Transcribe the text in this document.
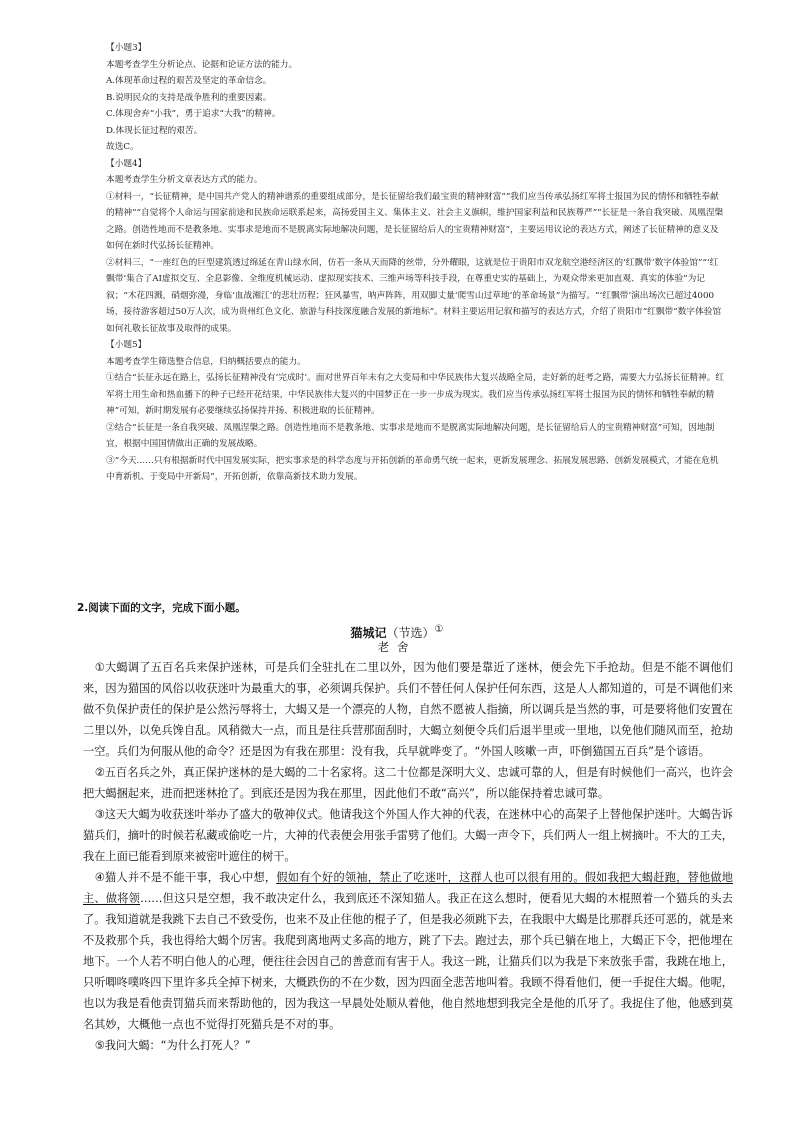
【小题3】

本题考查学生分析论点、论据和论证方法的能力。

A.体现革命过程的艰苦及坚定的革命信念。

B.说明民众的支持是战争胜利的重要因素。

C.体现舍弃“小我”，勇于追求“大我”的精神。

D.体现长征过程的艰苦。

故选C。

【小题4】

本题考查学生分析文章表达方式的能力。

①材料一，“长征精神，是中国共产党人的精神谱系的重要组成部分，是长征留给我们最宝贵的精神财富”“我们应当传承弘扬红军将士报国为民的情怀和牺牲奉献的精神”“自觉将个人命运与国家前途和民族命运联系起来，高扬爱国主义、集体主义、社会主义旗帜，维护国家利益和民族尊严”“长征是一条自我突破、凤凰涅槃之路。创造性地而不是教条地、实事求是地而不是脱离实际地解决问题，是长征留给后人的宝贵精神财富”，主要运用议论的表达方式，阐述了长征精神的意义及如何在新时代弘扬长征精神。

②材料三，“一座红色的巨型建筑透过绵延在青山绿水间，仿若一条从天而降的丝带，分外耀眼，这就是位于贵阳市双龙航空港经济区的‘红飘带’数字体验馆”“‘红飘带’集合了AI虚拟交互、全息影像、全维度机械运动、虚拟现实技术、三维声场等科技手段，在尊重史实的基础上，为观众带来更加直观、真实的体验”为记叙；“木花四溅，硝烟弥漫，身临‘血战湘江’的悲壮历程；狂风暴雪，呐声阵阵，用双脚丈量‘爬雪山过草地’的革命场景”为描写。“‘红飘带’演出场次已超过4000场，接待游客超过50万人次，成为贵州红色文化、旅游与科技深度融合发展的新地标”。材料主要运用记叙和描写的表达方式，介绍了贵阳市“红飘带”数字体验馆如何礼敬长征故事及取得的成果。

【小题5】

本题考查学生筛选整合信息，归纳概括要点的能力。

①结合“长征永远在路上，弘扬长征精神没有‘完成时’。面对世界百年未有之大变局和中华民族伟大复兴战略全局，走好新的赶考之路，需要大力弘扬长征精神。红军将士用生命和热血播下的种子已经开花结果，中华民族伟大复兴的中国梦正在一步一步成为现实。我们应当传承弘扬红军将士报国为民的情怀和牺牲奉献的精神”可知，新时期发展有必要继续弘扬保持并扬、积极进取的长征精神。

②结合“长征是一条自我突破、凤凰涅槃之路。创造性地而不是教条地、实事求是地而不是脱离实际地解决问题，是长征留给后人的宝贵精神财富”可知，因地制宜，根据中国国情做出正确的发展战略。

③“今天……只有根据新时代中国发展实际，把实事求是的科学态度与开拓创新的革命勇气统一起来，更新发展理念、拓展发展思路、创新发展模式，才能在危机中育新机、于变局中开新局”，开拓创新，依靠高新技术助力发展。

2.阅读下面的文字，完成下面小题。
猫城记（节选）①
老舍

①大蝎调了五百名兵来保护迷林，可是兵们全驻扎在二里以外，因为他们要是靠近了迷林，便会先下手抢劫。但是不能不调他们来，因为猫国的风俗以收获迷叶为最重大的事，必须调兵保护。兵们不替任何人保护任何东西，这是人人都知道的，可是不调他们来做不负保护责任的保护是公然污辱将士，大蝎又是一个漂亮的人物，自然不愿被人指摘，所以调兵是当然的事，可是要将他们安置在二里以外，以免兵馋自乱。风稍微大一点，而且是往兵营那面刮时，大蝎立刻便令兵们后退半里或一里地，以免他们随风而至，抢劫一空。兵们为何服从他的命令？还是因为有我在那里：没有我，兵早就哗变了。“外国人咳嗽一声，吓倒猫国五百兵”是个谚语。

②五百名兵之外，真正保护迷林的是大蝎的二十名家将。这二十位都是深明大义、忠诚可靠的人，但是有时候他们一高兴，也许会把大蝎捆起来，进而把迷林抢了。到底还是因为我在那里，因此他们不敢“高兴”，所以能保持着忠诚可靠。

③这天大蝎为收获迷叶举办了盛大的敬神仪式。他请我这个外国人作大神的代表，在迷林中心的高架子上替他保护迷叶。大蝎告诉猫兵们，摘叶的时候若私藏或偷吃一片，大神的代表便会用张手雷劈了他们。大蝎一声令下，兵们两人一组上树摘叶。不大的工夫，我在上面已能看到原来被密叶遮住的树干。

④猫人并不是不能干事，我心中想，假如有个好的领袖，禁止了吃迷叶，这群人也可以很有用的。假如我把大蝎赶跑，替他做地主、做将领……但这只是空想，我不敢决定什么，我到底还不深知猫人。我正在这么想时，便看见大蝎的木棍照着一个猫兵的头去了。我知道就是我跳下去自己不致受伤，也来不及止住他的棍子了，但是我必须跳下去，在我眼中大蝎是比那群兵还可恶的，就是来不及救那个兵，我也得给大蝎个厉害。我爬到离地两丈多高的地方，跳了下去。跑过去，那个兵已躺在地上，大蝎正下令，把他埋在地下。一个人若不明白他人的心理，便往往会因自己的善意而有害于人。我这一跳，让猫兵们以为我是下来放张手雷，我跳在地上，只听唧咚噗咚四下里许多兵全掉下树来，大概跌伤的不在少数，因为四面全悲苦地叫着。我顾不得看他们，便一手捉住大蝎。他呢，也以为我是看他责罚猫兵而来帮助他的，因为我这一早晨处处顺从着他，他自然地想到我完全是他的爪牙了。我捉住了他，他感到莫名其妙，大概他一点也不觉得打死猫兵是不对的事。

⑤我问大蝎：“为什么打死人？”
